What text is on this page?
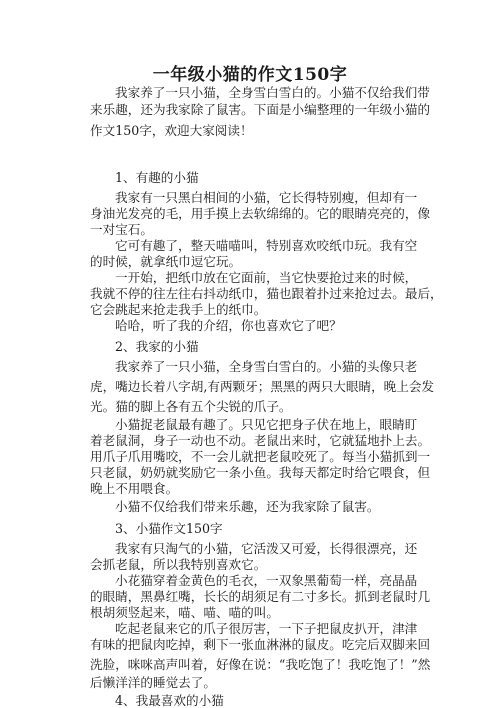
一年级小猫的作文150字
我家养了一只小猫，全身雪白雪白的。小猫不仅给我们带
来乐趣，还为我家除了鼠害。下面是小编整理的一年级小猫的
作文150字，欢迎大家阅读！
1、有趣的小猫
我家有一只黑白相间的小猫，它长得特别瘦，但却有一
身油光发亮的毛，用手摸上去软绵绵的。它的眼睛亮亮的，像
一对宝石。
它可有趣了，整天喵喵叫，特别喜欢咬纸巾玩。我有空
的时候，就拿纸巾逗它玩。
一开始，把纸巾放在它面前，当它快要抢过来的时候，
我就不停的往左往右抖动纸巾，猫也跟着扑过来抢过去。最后，
它会跳起来抢走我手上的纸巾。
哈哈，听了我的介绍，你也喜欢它了吧？
2、我家的小猫
我家养了一只小猫，全身雪白雪白的。小猫的头像只老
虎，嘴边长着八字胡,有两颗牙；黑黑的两只大眼睛，晚上会发
光。猫的脚上各有五个尖锐的爪子。
小猫捉老鼠最有趣了。只见它把身子伏在地上，眼睛盯
着老鼠洞，身子一动也不动。老鼠出来时，它就猛地扑上去。
用爪子爪用嘴咬，不一会儿就把老鼠咬死了。每当小猫抓到一
只老鼠，奶奶就奖励它一条小鱼。我每天都定时给它喂食，但
晚上不用喂食。
小猫不仅给我们带来乐趣，还为我家除了鼠害。
3、小猫作文150字
我家有只淘气的小猫，它活泼又可爱，长得很漂亮，还
会抓老鼠，所以我特别喜欢它。
小花猫穿着金黄色的毛衣，一双象黑葡萄一样，亮晶晶
的眼睛，黑鼻红嘴，长长的胡须足有二寸多长。抓到老鼠时几
根胡须竖起来，喵、喵、喵的叫。
吃起老鼠来它的爪子很厉害，一下子把鼠皮扒开，津津
有味的把鼠肉吃掉，剩下一张血淋淋的鼠皮。吃完后双脚来回
洗脸，咪咪高声叫着，好像在说：“我吃饱了！我吃饱了！”然
后懒洋洋的睡觉去了。
4、我最喜欢的小猫
